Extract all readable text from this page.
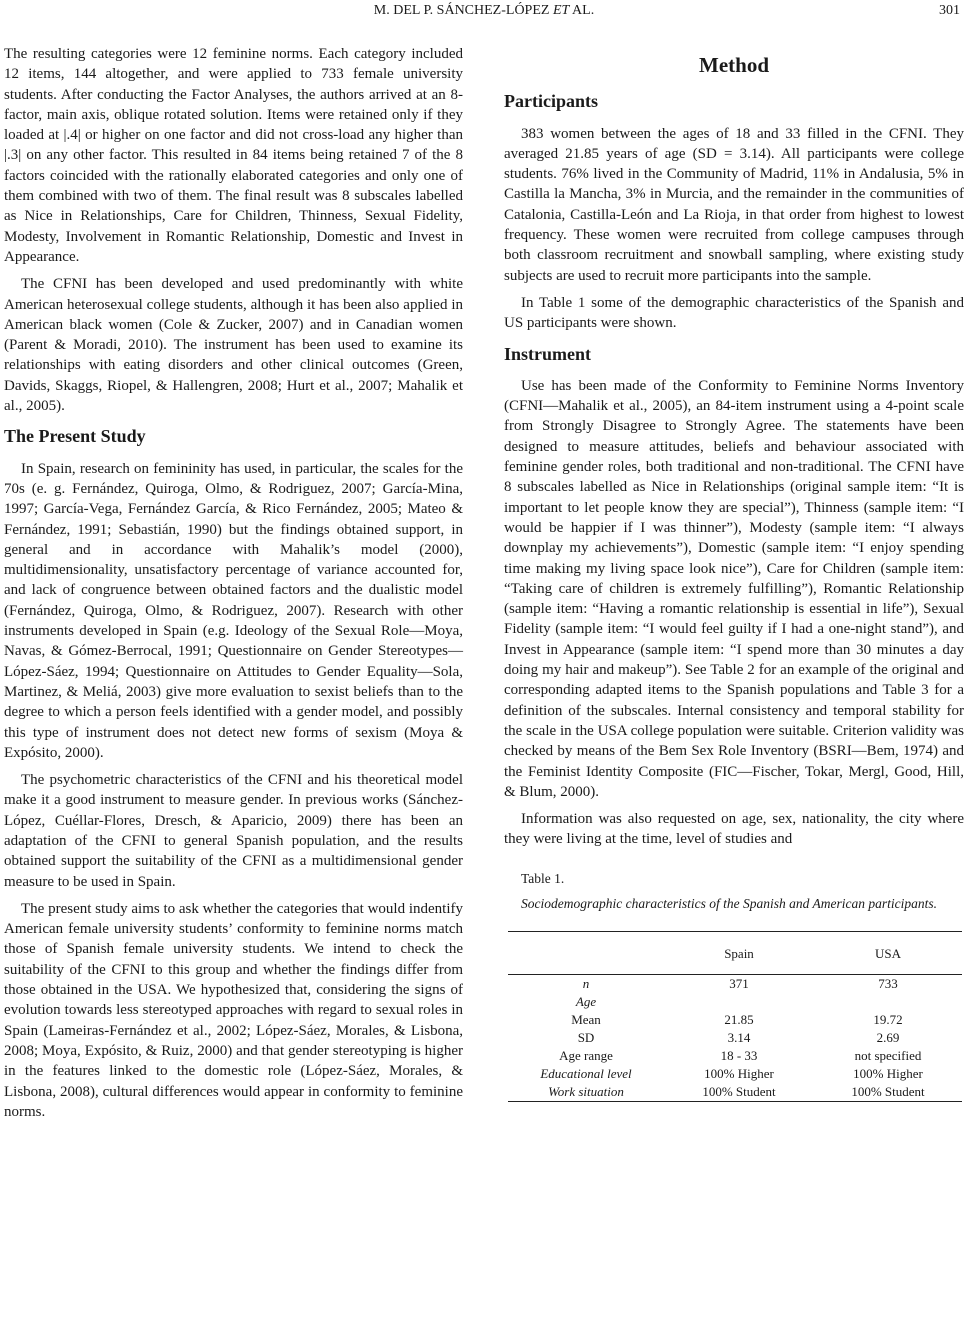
M. DEL P. SÁNCHEZ-LÓPEZ ET AL.	301

The resulting categories were 12 feminine norms. Each category included 12 items, 144 altogether, and were applied to 733 female university students. After conducting the Factor Analyses, the authors arrived at an 8-factor, main axis, oblique rotated solution. Items were retained only if they loaded at |.4| or higher on one factor and did not cross-load any higher than |.3| on any other factor. This resulted in 84 items being retained 7 of the 8 factors coincided with the rationally elaborated categories and only one of them combined with two of them. The final result was 8 subscales labelled as Nice in Relationships, Care for Children, Thinness, Sexual Fidelity, Modesty, Involvement in Romantic Relationship, Domestic and Invest in Appearance.

The CFNI has been developed and used predominantly with white American heterosexual college students, although it has been also applied in American black women (Cole & Zucker, 2007) and in Canadian women (Parent & Moradi, 2010). The instrument has been used to examine its relationships with eating disorders and other clinical outcomes (Green, Davids, Skaggs, Riopel, & Hallengren, 2008; Hurt et al., 2007; Mahalik et al., 2005).

The Present Study

In Spain, research on femininity has used, in particular, the scales for the 70s (e. g. Fernández, Quiroga, Olmo, & Rodriguez, 2007; García-Mina, 1997; García-Vega, Fernández García, & Rico Fernández, 2005; Mateo & Fernández, 1991; Sebastián, 1990) but the findings obtained support, in general and in accordance with Mahalik’s model (2000), multidimensionality, unsatisfactory percentage of variance accounted for, and lack of congruence between obtained factors and the dualistic model (Fernández, Quiroga, Olmo, & Rodriguez, 2007). Research with other instruments developed in Spain (e.g. Ideology of the Sexual Role—Moya, Navas, & Gómez-Berrocal, 1991; Questionnaire on Gender Stereotypes—López-Sáez, 1994; Questionnaire on Attitudes to Gender Equality—Sola, Martinez, & Meliá, 2003) give more evaluation to sexist beliefs than to the degree to which a person feels identified with a gender model, and possibly this type of instrument does not detect new forms of sexism (Moya & Expósito, 2000).

The psychometric characteristics of the CFNI and his theoretical model make it a good instrument to measure gender. In previous works (Sánchez-López, Cuéllar-Flores, Dresch, & Aparicio, 2009) there has been an adaptation of the CFNI to general Spanish population, and the results obtained support the suitability of the CFNI as a multidimensional gender measure to be used in Spain.

The present study aims to ask whether the categories that would indentify American female university students’ conformity to feminine norms match those of Spanish female university students. We intend to check the suitability of the CFNI to this group and whether the findings differ from those obtained in the USA. We hypothesized that, considering the signs of evolution towards less stereotyped approaches with regard to sexual roles in Spain (Lameiras-Fernández et al., 2002; López-Sáez, Morales, & Lisbona, 2008; Moya, Expósito, & Ruiz, 2000) and that gender stereotyping is higher in the features linked to the domestic role (López-Sáez, Morales, & Lisbona, 2008), cultural differences would appear in conformity to feminine norms.

Method
Participants

383 women between the ages of 18 and 33 filled in the CFNI. They averaged 21.85 years of age (SD = 3.14). All participants were college students. 76% lived in the Community of Madrid, 11% in Andalusia, 5% in Castilla la Mancha, 3% in Murcia, and the remainder in the communities of Catalonia, Castilla-León and La Rioja, in that order from highest to lowest frequency. These women were recruited from college campuses through both classroom recruitment and snowball sampling, where existing study subjects are used to recruit more participants into the sample.

In Table 1 some of the demographic characteristics of the Spanish and US participants were shown.

Instrument

Use has been made of the Conformity to Feminine Norms Inventory (CFNI—Mahalik et al., 2005), an 84-item instrument using a 4-point scale from Strongly Disagree to Strongly Agree. The statements have been designed to measure attitudes, beliefs and behaviour associated with feminine gender roles, both traditional and non-traditional. The CFNI have 8 subscales labelled as Nice in Relationships (original sample item: “It is important to let people know they are special”), Thinness (sample item: “I would be happier if I was thinner”), Modesty (sample item: “I always downplay my achievements”), Domestic (sample item: “I enjoy spending time making my living space look nice”), Care for Children (sample item: “Taking care of children is extremely fulfilling”), Romantic Relationship (sample item: “Having a romantic relationship is essential in life”), Sexual Fidelity (sample item: “I would feel guilty if I had a one-night stand”), and Invest in Appearance (sample item: “I spend more than 30 minutes a day doing my hair and makeup”). See Table 2 for an example of the original and corresponding adapted items to the Spanish populations and Table 3 for a definition of the subscales. Internal consistency and temporal stability for the scale in the USA college population were suitable. Criterion validity was checked by means of the Bem Sex Role Inventory (BSRI—Bem, 1974) and the Feminist Identity Composite (FIC—Fischer, Tokar, Mergl, Good, Hill, & Blum, 2000).

Information was also requested on age, sex, nationality, the city where they were living at the time, level of studies and

Table 1.

Sociodemographic characteristics of the Spanish and American participants.

	Spain	USA
n	371	733
Age		
Mean	21.85	19.72
SD	3.14	2.69
Age range	18 - 33	not specified
Educational level	100% Higher	100% Higher
Work situation	100% Student	100% Student
